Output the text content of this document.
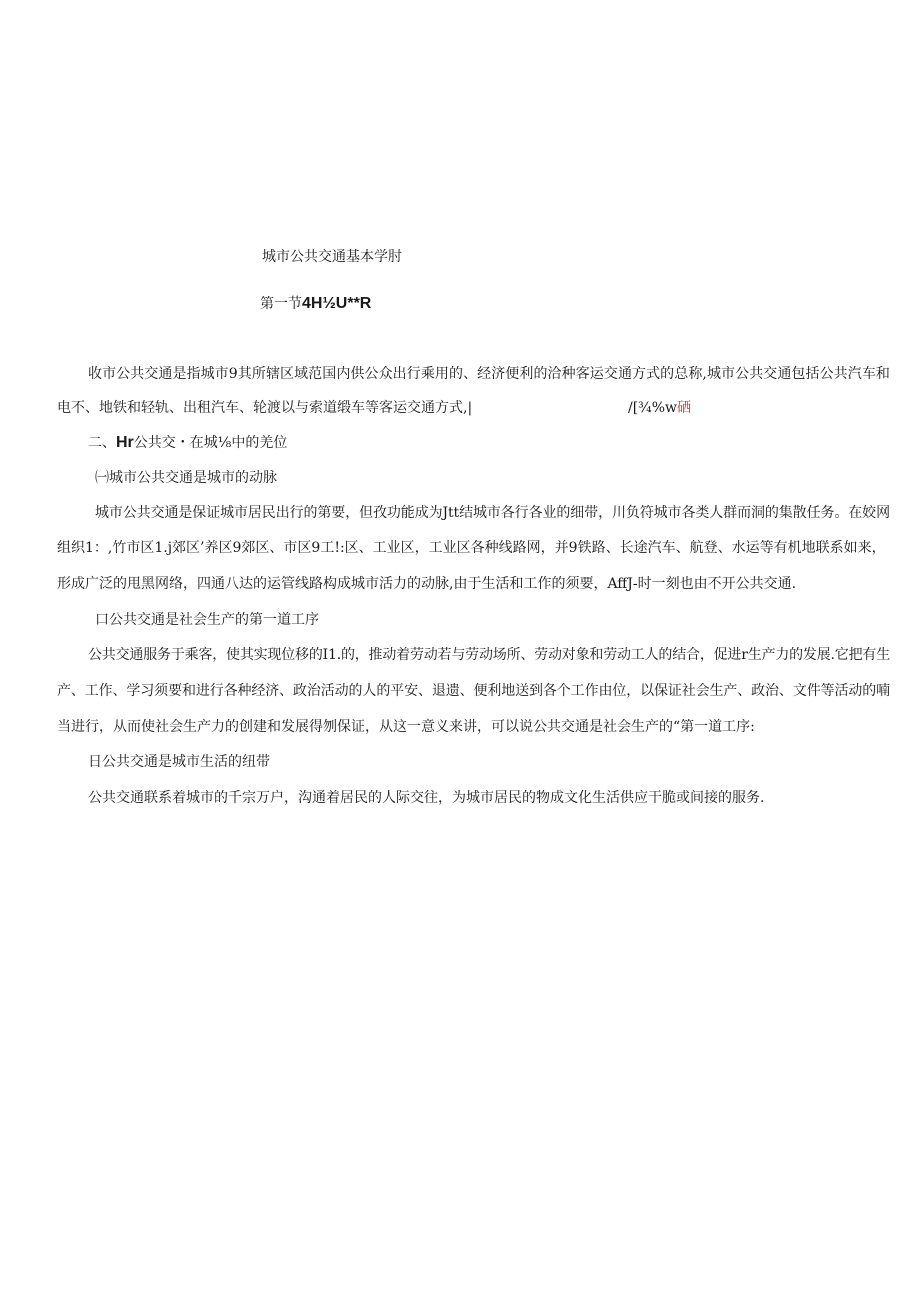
城市公共交通基本学肘
第一节4H½U**R
收市公共交通是指城市9其所辖区域范国内供公众出行乘用的、经济便利的洽种客运交通方式的总称,城市公共交通包括公共汽车和
电不、地铁和轻轨、出租汽车、轮渡以与索道缎车等客运交通方式,|	/[¾%w硒
二、Hr公共交・在城⅛中的羌位
㈠城市公共交通是城市的动脉
城市公共交通是保证城市居民出行的第要，但孜功能成为Jtt结城市各行各业的细带，川负符城市各类人群而洞的集散任务。在姣网
组织1：,竹市区1.j郊区’养区9郊区、市区9工!:区、工业区，工业区各种线路网，并9铁路、长途汽车、航登、水运等有机地联系如来，
形成广泛的甩黑网络，四通八达的运管线路构成城市活力的动脉,由于生活和工作的须要，AffJ-时一刻也由不开公共交通.
口公共交通是社会生产的第一道工序
公共交通服务于乘客，使其实现位移的I1.的，推动着劳动若与劳动场所、劳动对象和劳动工人的结合，促进r生产力的发展.它把有生
产、工作、学习须要和进行各种经济、政治活动的人的平安、退遗、便利地送到各个工作由位，以保证社会生产、政治、文件等活动的喃
当进行，从而使社会生产力的创建和发展得刎保证，从这一意义来讲，可以说公共交通是社会生产的“第一道工序:
日公共交通是城市生活的纽带
公共交通联系着城市的千宗万户，沟通着居民的人际交往，为城市居民的物成文化生活供应干脆或间接的服务.
